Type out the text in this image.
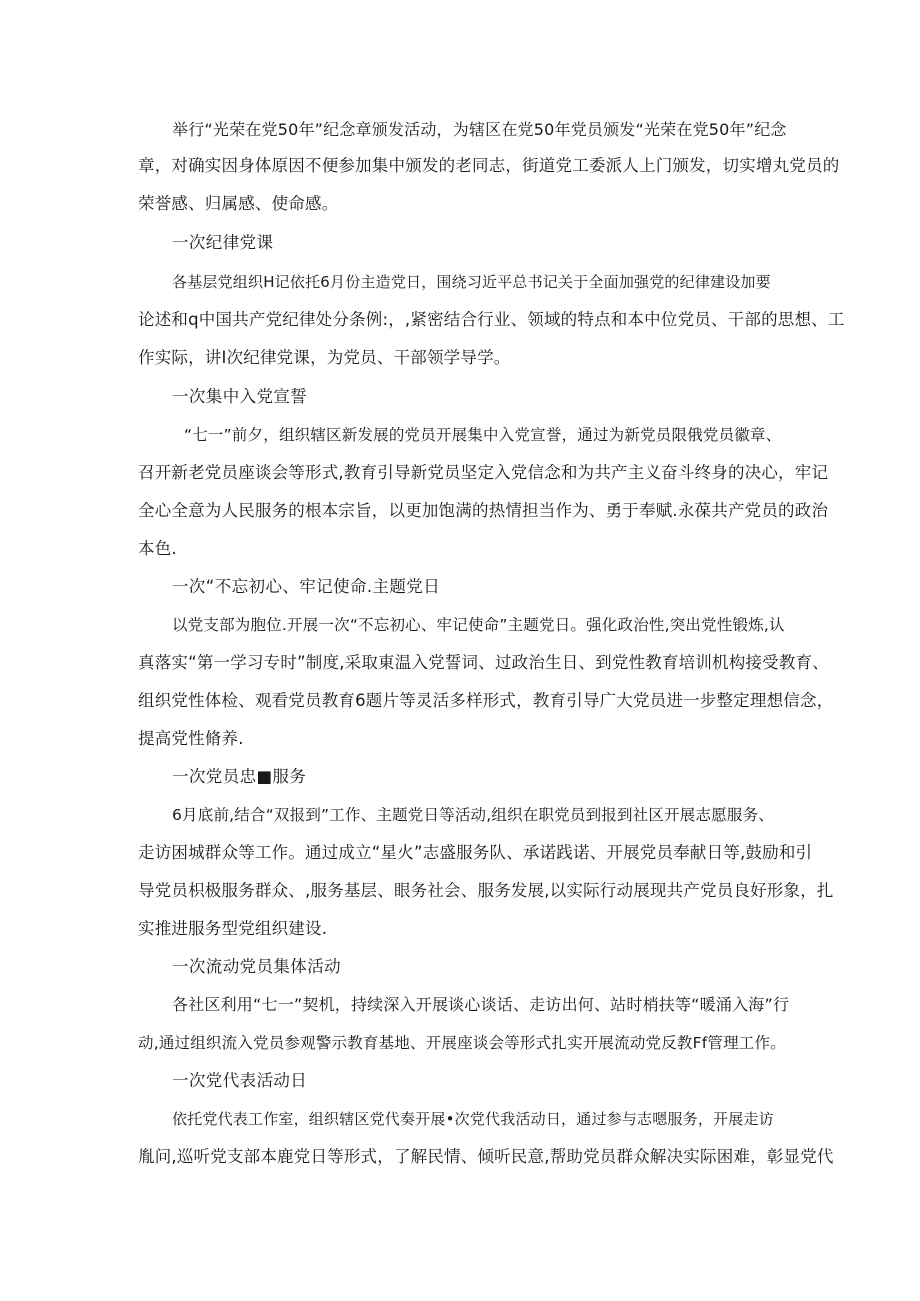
举行“光荣在党50年”纪念章颁发活动，为辖区在党50年党员颁发“光荣在党50年”纪念
章，对确实因身体原因不便参加集中颁发的老同志，街道党工委派人上门颁发，切实增丸党员的
荣誉感、归属感、使命感。
一次纪律党课
各基层党组织H记依托6月份主造党日，围绕习近平总书记关于全面加强党的纪律建设加要
论述和q中国共产党纪律处分条例:，,紧密结合行业、领域的特点和本中位党员、干部的思想、工
作实际，讲I次纪律党课，为党员、干部领学导学。
一次集中入党宣誓
“七一”前夕，组织辖区新发展的党员开展集中入党宣誉，通过为新党员限俄党员徽章、
召开新老党员座谈会等形式,教育引导新党员坚定入党信念和为共产主义奋斗终身的决心，牢记
全心全意为人民服务的根本宗旨，以更加饱满的热情担当作为、勇于奉赋.永葆共产党员的政治
本色.
一次“不忘初心、牢记使命.主题党日
以党支部为胞位.开展一次“不忘初心、牢记使命”主题党日。强化政治性,突出党性锻炼,认
真落实“第一学习专时”制度,采取東温入党誓词、过政治生日、到党性教育培训机构接受教育、
组织党性体检、观看党员教育6题片等灵活多样形式，教育引导广大党员进一步整定理想信念，
提高党性脩养.
一次党员忠■服务
6月底前,结合“双报到”工作、主题党日等活动,组织在职党员到报到社区开展志愿服务、
走访困城群众等工作。通过成立“星火”志盛服务队、承诺践诺、开展党员奉献日等,鼓励和引
导党员枳极服务群众、,服务基层、眼务社会、服务发展,以实际行动展现共产党员良好形象，扎
实推进服务型党组织建设.
一次流动党员集体活动
各社区利用“七一”契机，持续深入开展谈心谈话、走访出何、站时梢扶等“暖涌入海”行
动,通过组织流入党员参观警示教育基地、开展座谈会等形式扎实开展流动党反教Ff管理工作。
一次党代表活动日
依托党代表工作室，组织辖区党代奏开展•次党代我活动日，通过参与志嗯服务，开展走访
胤问,巡听党支部本鹿党日等形式，了解民情、倾听民意,帮助党员群众解决实际困难，彰显党代
